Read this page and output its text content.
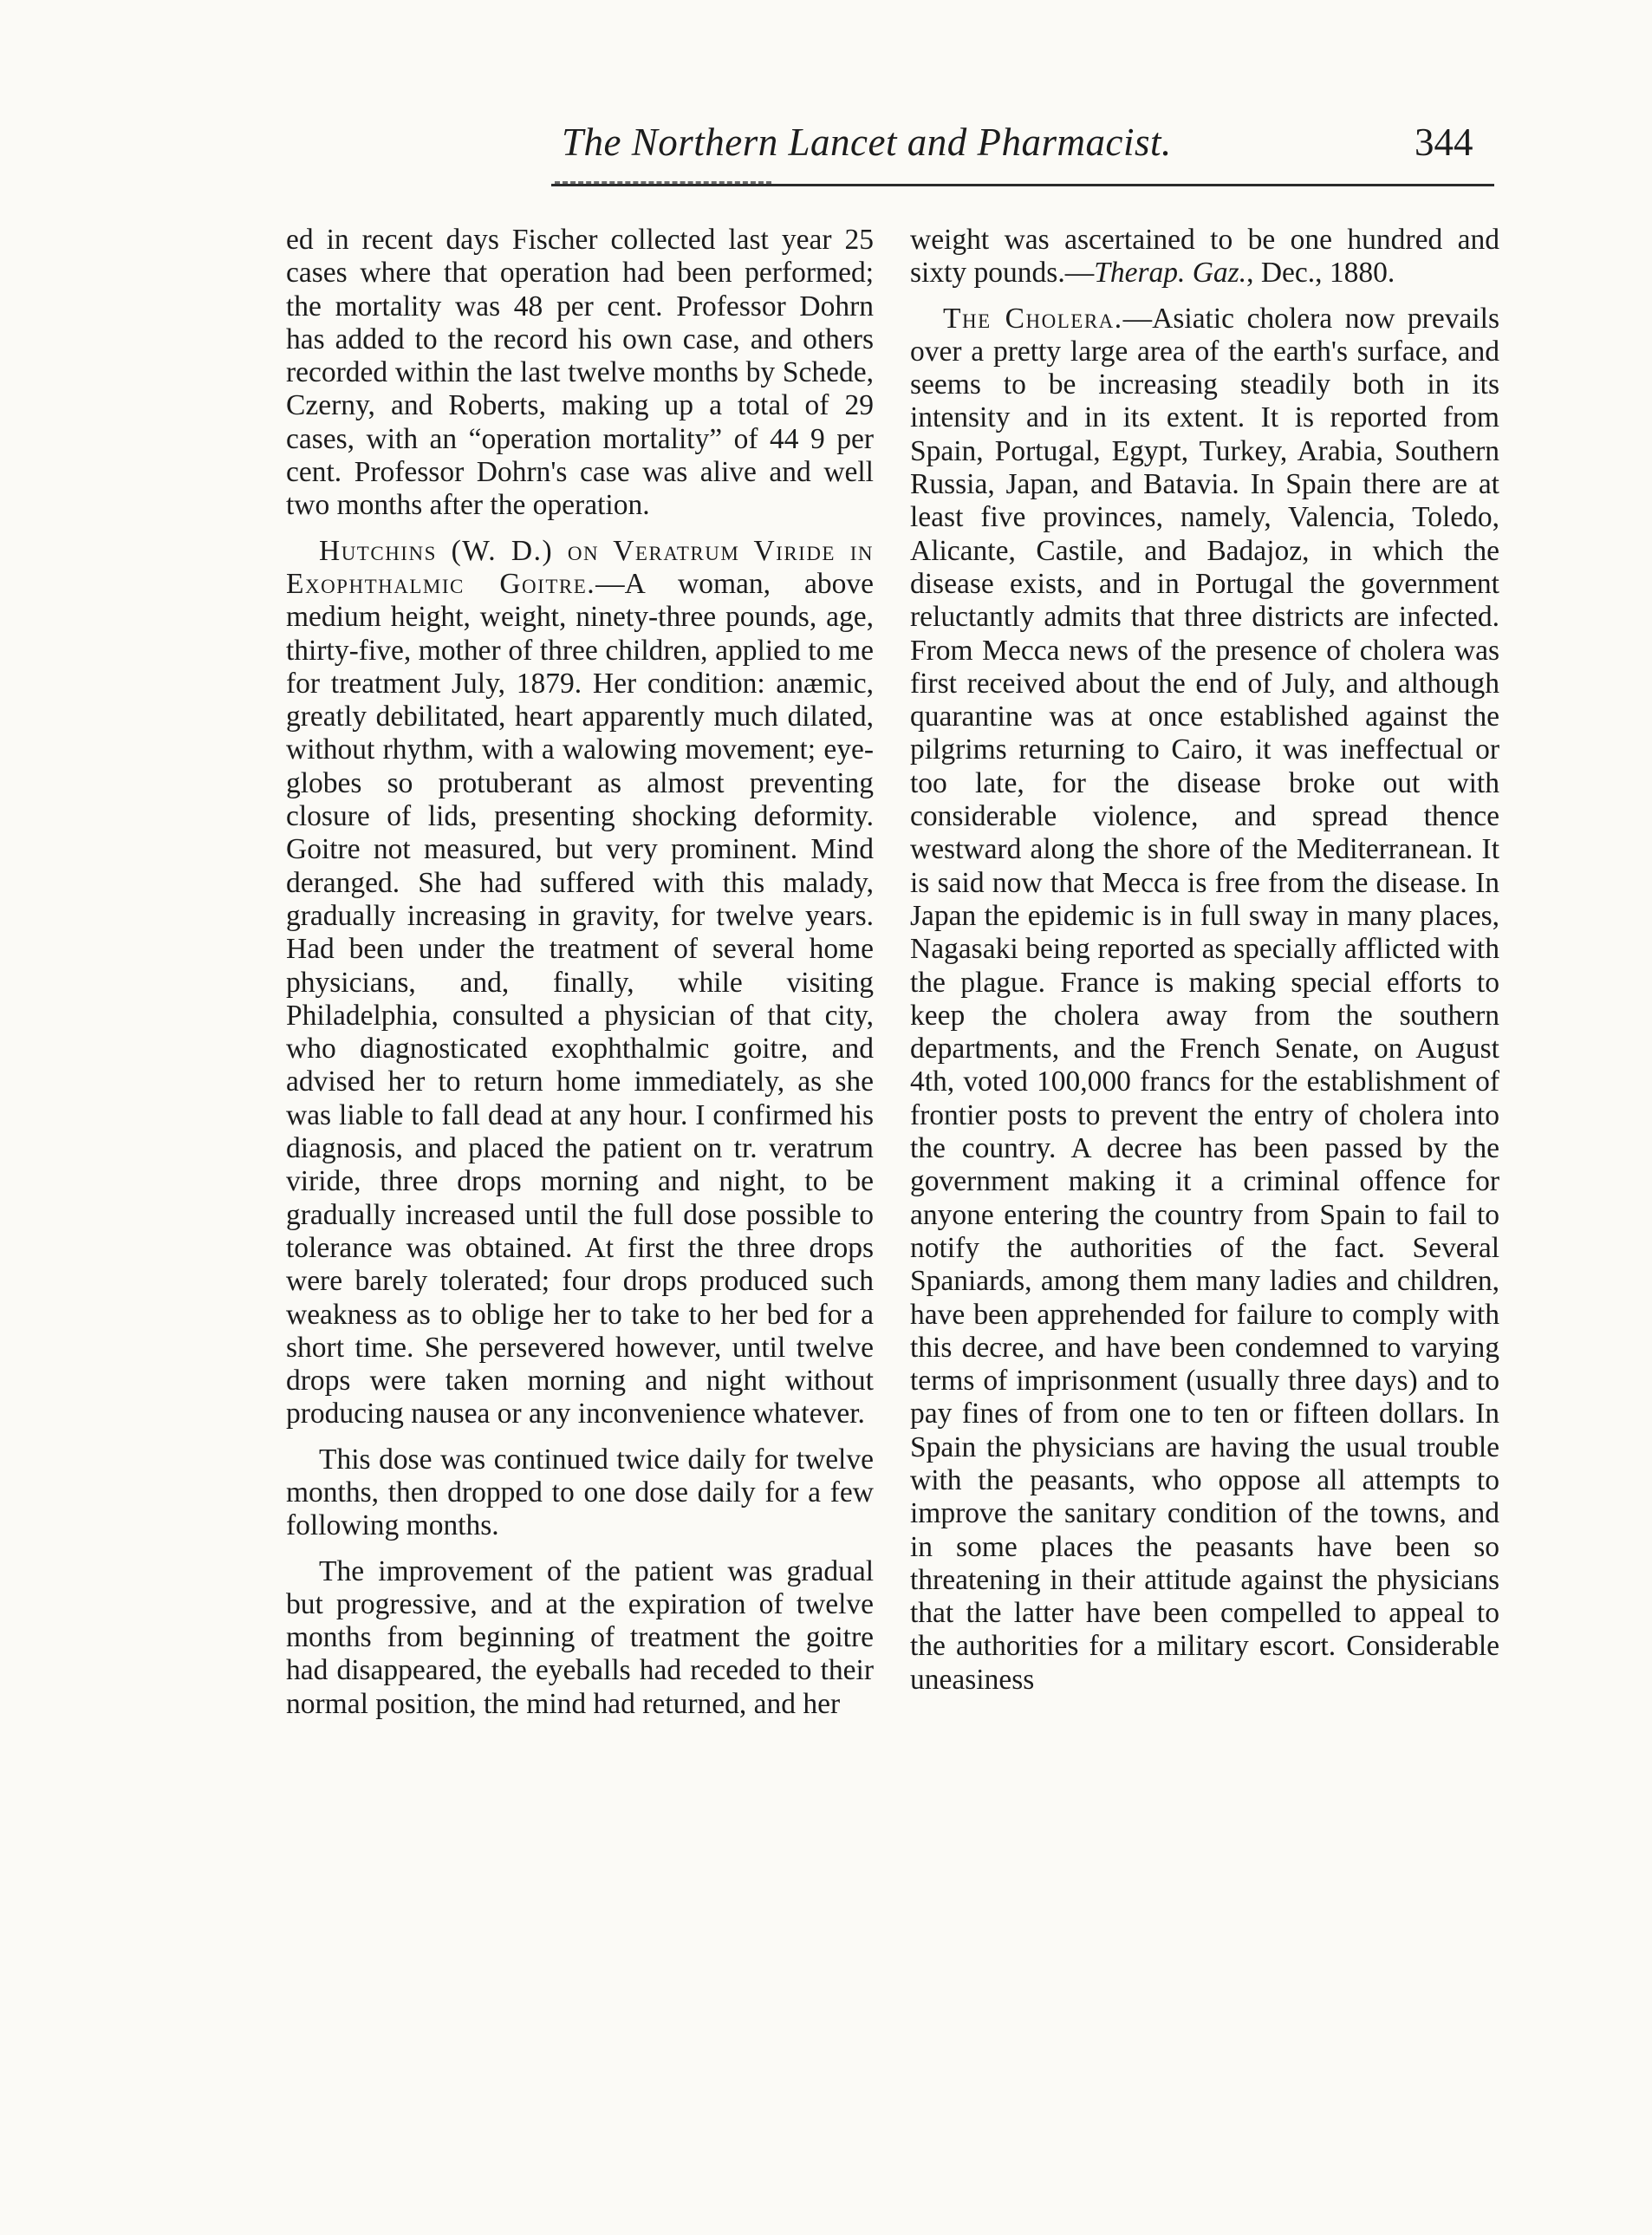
The Northern Lancet and Pharmacist.	344

ed in recent days Fischer collected last year 25 cases where that operation had been performed; the mortality was 48 per cent. Professor Dohrn has added to the record his own case, and others recorded within the last twelve months by Schede, Czerny, and Roberts, making up a total of 29 cases, with an “operation mortality” of 44 9 per cent. Professor Dohrn's case was alive and well two months after the operation.

Hutchins (W. D.) on Veratrum Viride in Exophthalmic Goitre.—A woman, above medium height, weight, ninety-three pounds, age, thirty-five, mother of three children, applied to me for treatment July, 1879. Her condition: anæmic, greatly debilitated, heart apparently much dilated, without rhythm, with a walowing movement; eye-globes so protuberant as almost preventing closure of lids, presenting shocking deformity. Goitre not measured, but very prominent. Mind deranged. She had suffered with this malady, gradually increasing in gravity, for twelve years. Had been under the treatment of several home physicians, and, finally, while visiting Philadelphia, consulted a physician of that city, who diagnosticated exophthalmic goitre, and advised her to return home immediately, as she was liable to fall dead at any hour. I confirmed his diagnosis, and placed the patient on tr. veratrum viride, three drops morning and night, to be gradually increased until the full dose possible to tolerance was obtained. At first the three drops were barely tolerated; four drops produced such weakness as to oblige her to take to her bed for a short time. She persevered however, until twelve drops were taken morning and night without producing nausea or any inconvenience whatever.

This dose was continued twice daily for twelve months, then dropped to one dose daily for a few following months.

The improvement of the patient was gradual but progressive, and at the expiration of twelve months from beginning of treatment the goitre had disappeared, the eyeballs had receded to their normal position, the mind had returned, and her

weight was ascertained to be one hundred and sixty pounds.—Therap. Gaz., Dec., 1880.

The Cholera.—Asiatic cholera now prevails over a pretty large area of the earth's surface, and seems to be increasing steadily both in its intensity and in its extent. It is reported from Spain, Portugal, Egypt, Turkey, Arabia, Southern Russia, Japan, and Batavia. In Spain there are at least five provinces, namely, Valencia, Toledo, Alicante, Castile, and Badajoz, in which the disease exists, and in Portugal the government reluctantly admits that three districts are infected. From Mecca news of the presence of cholera was first received about the end of July, and although quarantine was at once established against the pilgrims returning to Cairo, it was ineffectual or too late, for the disease broke out with considerable violence, and spread thence westward along the shore of the Mediterranean. It is said now that Mecca is free from the disease. In Japan the epidemic is in full sway in many places, Nagasaki being reported as specially afflicted with the plague. France is making special efforts to keep the cholera away from the southern departments, and the French Senate, on August 4th, voted 100,000 francs for the establishment of frontier posts to prevent the entry of cholera into the country. A decree has been passed by the government making it a criminal offence for anyone entering the country from Spain to fail to notify the authorities of the fact. Several Spaniards, among them many ladies and children, have been apprehended for failure to comply with this decree, and have been condemned to varying terms of imprisonment (usually three days) and to pay fines of from one to ten or fifteen dollars. In Spain the physicians are having the usual trouble with the peasants, who oppose all attempts to improve the sanitary condition of the towns, and in some places the peasants have been so threatening in their attitude against the physicians that the latter have been compelled to appeal to the authorities for a military escort. Considerable uneasiness
